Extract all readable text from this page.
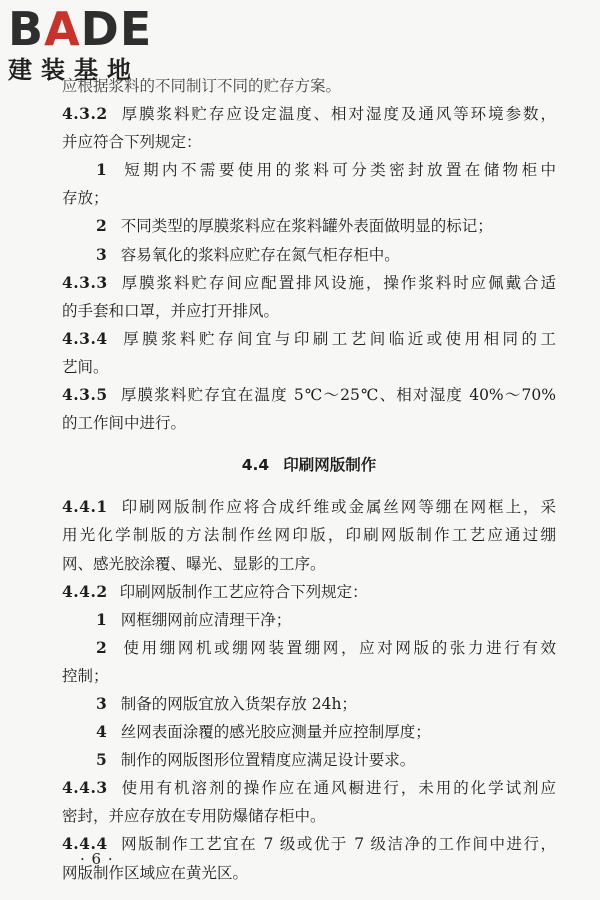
BADE
建装基地
应根据浆料的不同制订不同的贮存方案。
4.3.2 厚膜浆料贮存应设定温度、相对湿度及通风等环境参数，
并应符合下列规定：
1 短期内不需要使用的浆料可分类密封放置在储物柜中
存放；
2 不同类型的厚膜浆料应在浆料罐外表面做明显的标记；
3 容易氧化的浆料应贮存在氮气柜存柜中。
4.3.3 厚膜浆料贮存间应配置排风设施，操作浆料时应佩戴合适
的手套和口罩，并应打开排风。
4.3.4 厚膜浆料贮存间宜与印刷工艺间临近或使用相同的工
艺间。
4.3.5 厚膜浆料贮存宜在温度 5℃～25℃、相对湿度 40%～70%
的工作间中进行。
4.4 印刷网版制作
4.4.1 印刷网版制作应将合成纤维或金属丝网等绷在网框上，采
用光化学制版的方法制作丝网印版，印刷网版制作工艺应通过绷
网、感光胶涂覆、曝光、显影的工序。
4.4.2 印刷网版制作工艺应符合下列规定：
1 网框绷网前应清理干净；
2 使用绷网机或绷网装置绷网，应对网版的张力进行有效
控制；
3 制备的网版宜放入货架存放 24h；
4 丝网表面涂覆的感光胶应测量并应控制厚度；
5 制作的网版图形位置精度应满足设计要求。
4.4.3 使用有机溶剂的操作应在通风橱进行，未用的化学试剂应
密封，并应存放在专用防爆储存柜中。
4.4.4 网版制作工艺宜在 7 级或优于 7 级洁净的工作间中进行，
网版制作区域应在黄光区。
· 6 ·
